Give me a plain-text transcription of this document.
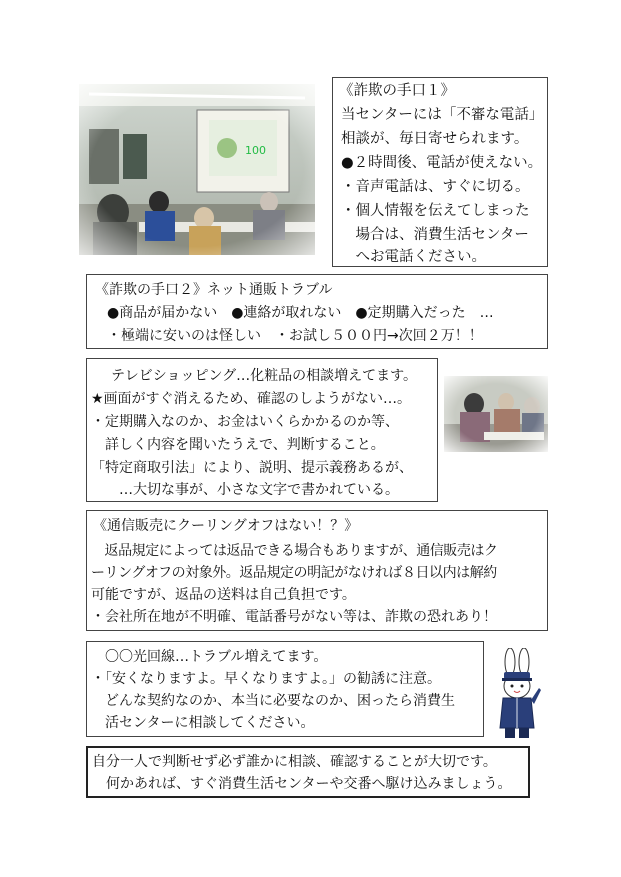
《詐欺の手口１》
当センターには「不審な電話」
相談が、毎日寄せられます。
●２時間後、電話が使えない。
・音声電話は、すぐに切る。
・個人情報を伝えてしまった
　場合は、消費生活センター
　へお電話ください。
《詐欺の手口２》ネット通販トラブル
●商品が届かない　●連絡が取れない　●定期購入だった　…
・極端に安いのは怪しい　・お試し５００円→次回２万！！
テレビショッピング…化粧品の相談増えてます。
★画面がすぐ消えるため、確認のしようがない…。
・定期購入なのか、お金はいくらかかるのか等、
　詳しく内容を聞いたうえで、判断すること。
「特定商取引法」により、説明、提示義務あるが、
　　…大切な事が、小さな文字で書かれている。
《通信販売にクーリングオフはない！？》
　返品規定によっては返品できる場合もありますが、通信販売はク
ーリングオフの対象外。返品規定の明記がなければ８日以内は解約
可能ですが、返品の送料は自己負担です。
・会社所在地が不明確、電話番号がない等は、詐欺の恐れあり！
　〇〇光回線…トラブル増えてます。
・「安くなりますよ。早くなりますよ。」の勧誘に注意。
　どんな契約なのか、本当に必要なのか、困ったら消費生
　活センターに相談してください。
自分一人で判断せず必ず誰かに相談、確認することが大切です。
　何かあれば、すぐ消費生活センターや交番へ駆け込みましょう。
